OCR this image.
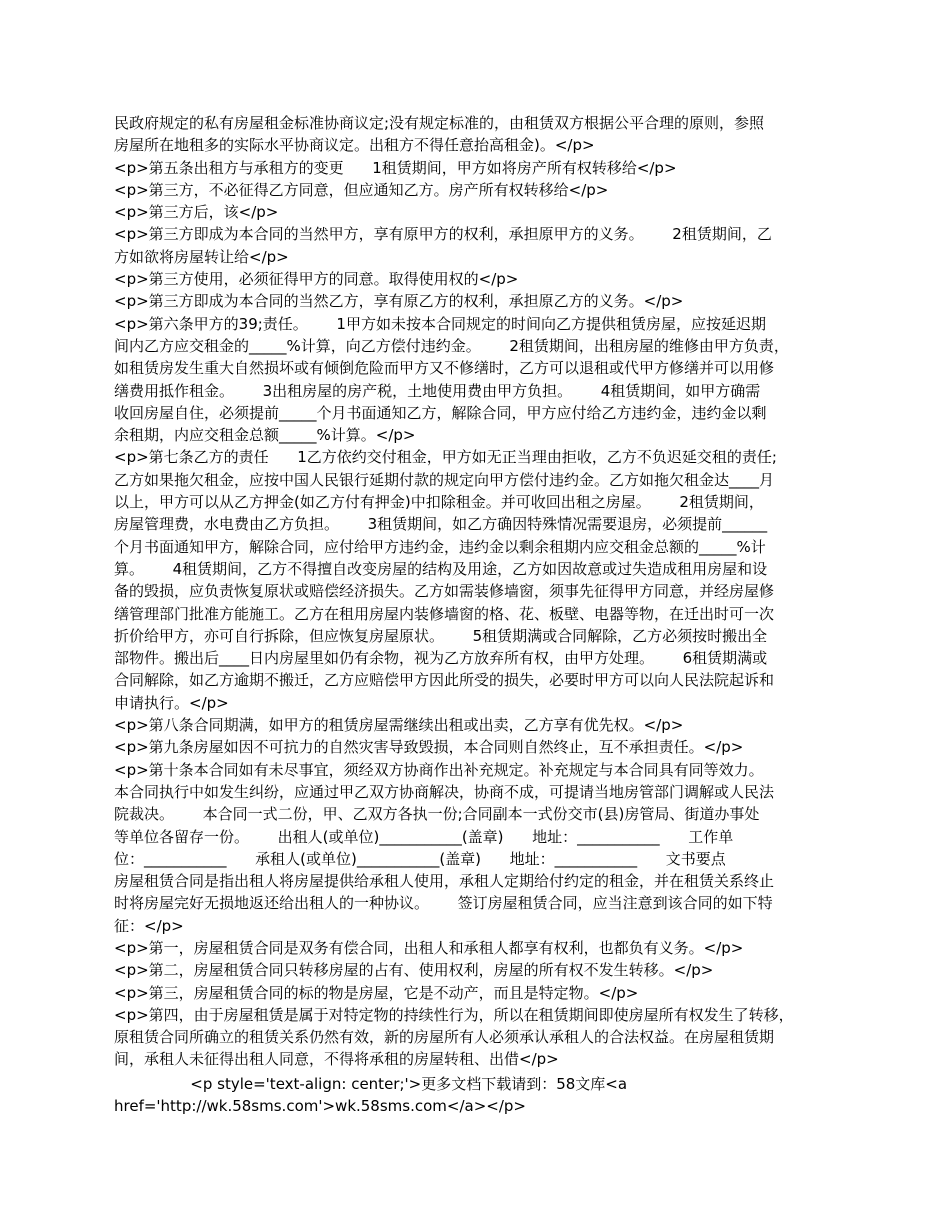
民政府规定的私有房屋租金标准协商议定;没有规定标准的，由租赁双方根据公平合理的原则，参照

房屋所在地租多的实际水平协商议定。出租方不得任意抬高租金)。</p>

<p>第五条出租方与承租方的变更      1租赁期间，甲方如将房产所有权转移给</p>

<p>第三方，不必征得乙方同意，但应通知乙方。房产所有权转移给</p>

<p>第三方后，该</p>

<p>第三方即成为本合同的当然甲方，享有原甲方的权利，承担原甲方的义务。      2租赁期间，乙

方如欲将房屋转让给</p>

<p>第三方使用，必须征得甲方的同意。取得使用权的</p>

<p>第三方即成为本合同的当然乙方，享有原乙方的权利，承担原乙方的义务。</p>

<p>第六条甲方的39;责任。      1甲方如未按本合同规定的时间向乙方提供租赁房屋，应按延迟期

间内乙方应交租金的_____%计算，向乙方偿付违约金。      2租赁期间，出租房屋的维修由甲方负责，

如租赁房发生重大自然损坏或有倾倒危险而甲方又不修缮时，乙方可以退租或代甲方修缮并可以用修

缮费用抵作租金。      3出租房屋的房产税，土地使用费由甲方负担。      4租赁期间，如甲方确需

收回房屋自住，必须提前_____个月书面通知乙方，解除合同，甲方应付给乙方违约金，违约金以剩

余租期，内应交租金总额_____%计算。</p>

<p>第七条乙方的责任      1乙方依约交付租金，甲方如无正当理由拒收，乙方不负迟延交租的责任;

乙方如果拖欠租金，应按中国人民银行延期付款的规定向甲方偿付违约金。乙方如拖欠租金达____月

以上，甲方可以从乙方押金(如乙方付有押金)中扣除租金。并可收回出租之房屋。      2租赁期间，

房屋管理费，水电费由乙方负担。      3租赁期间，如乙方确因特殊情况需要退房，必须提前______

个月书面通知甲方，解除合同，应付给甲方违约金，违约金以剩余租期内应交租金总额的_____%计

算。      4租赁期间，乙方不得擅自改变房屋的结构及用途，乙方如因故意或过失造成租用房屋和设

备的毁损，应负责恢复原状或赔偿经济损失。乙方如需装修墙窗，须事先征得甲方同意，并经房屋修

缮管理部门批准方能施工。乙方在租用房屋内装修墙窗的格、花、板壁、电器等物，在迁出时可一次

折价给甲方，亦可自行拆除，但应恢复房屋原状。      5租赁期满或合同解除，乙方必须按时搬出全

部物件。搬出后____日内房屋里如仍有余物，视为乙方放弃所有权，由甲方处理。      6租赁期满或

合同解除，如乙方逾期不搬迁，乙方应赔偿甲方因此所受的损失，必要时甲方可以向人民法院起诉和

申请执行。</p>

<p>第八条合同期满，如甲方的租赁房屋需继续出租或出卖，乙方享有优先权。</p>

<p>第九条房屋如因不可抗力的自然灾害导致毁损，本合同则自然终止，互不承担责任。</p>

<p>第十条本合同如有未尽事宜，须经双方协商作出补充规定。补充规定与本合同具有同等效力。

本合同执行中如发生纠纷，应通过甲乙双方协商解决，协商不成，可提请当地房管部门调解或人民法

院裁决。      本合同一式二份，甲、乙双方各执一份;合同副本一式份交市(县)房管局、街道办事处

等单位各留存一份。      出租人(或单位)___________(盖章)      地址：___________      工作单

位：___________      承租人(或单位)___________(盖章)      地址：___________      文书要点

房屋租赁合同是指出租人将房屋提供给承租人使用，承租人定期给付约定的租金，并在租赁关系终止

时将房屋完好无损地返还给出租人的一种协议。      签订房屋租赁合同，应当注意到该合同的如下特

征：</p>

<p>第一，房屋租赁合同是双务有偿合同，出租人和承租人都享有权利，也都负有义务。</p>

<p>第二，房屋租赁合同只转移房屋的占有、使用权利，房屋的所有权不发生转移。</p>

<p>第三，房屋租赁合同的标的物是房屋，它是不动产，而且是特定物。</p>

<p>第四，由于房屋租赁是属于对特定物的持续性行为，所以在租赁期间即使房屋所有权发生了转移，

原租赁合同所确立的租赁关系仍然有效，新的房屋所有人必须承认承租人的合法权益。在房屋租赁期

间，承租人未征得出租人同意，不得将承租的房屋转租、出借</p>

<p style='text-align: center;'>更多文档下载请到：58文库<a

href='http://wk.58sms.com'>wk.58sms.com</a></p>
